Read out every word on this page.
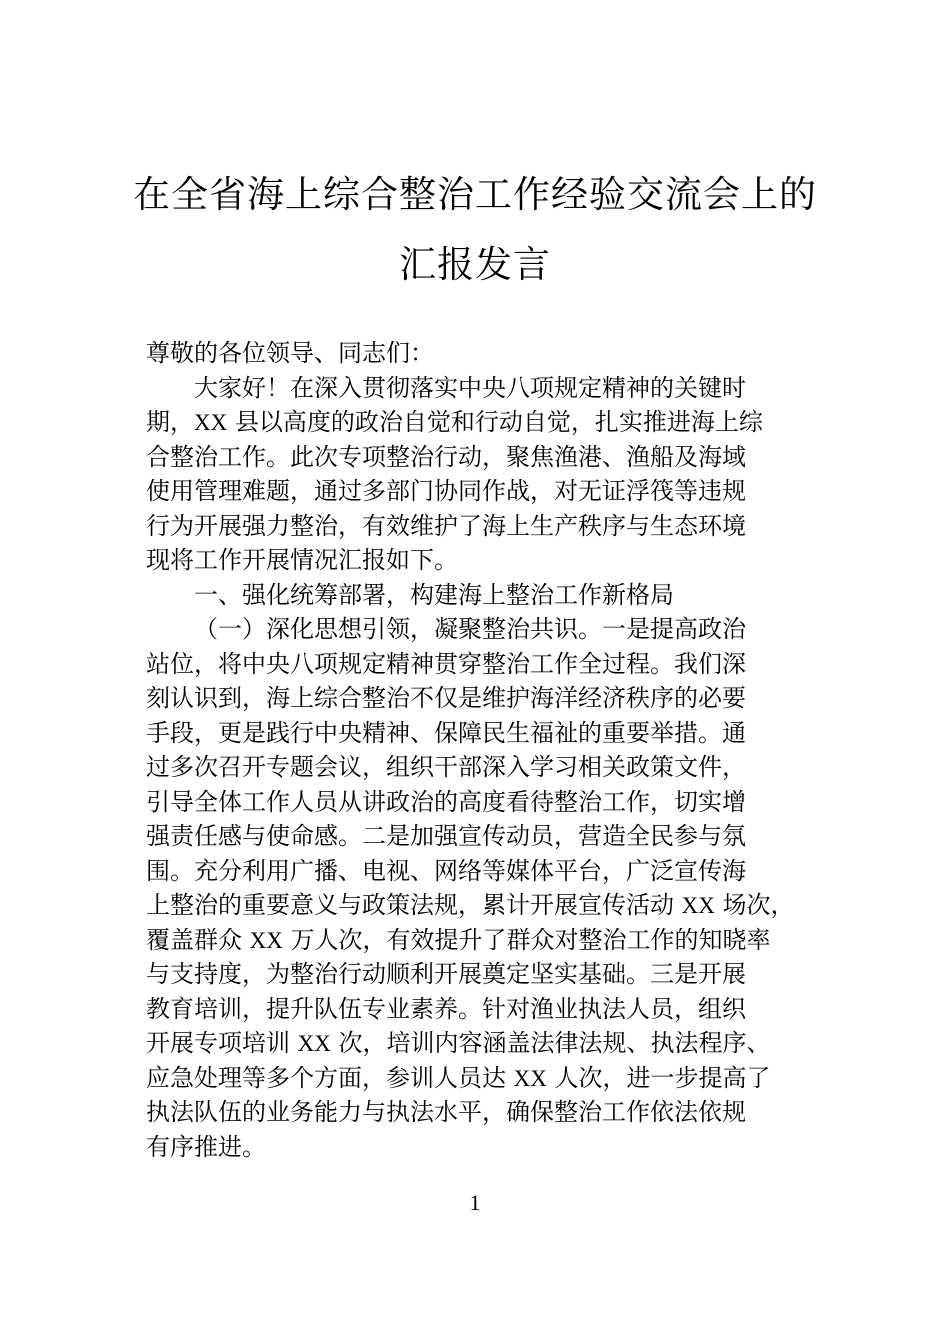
在全省海上综合整治工作经验交流会上的
汇报发言
尊敬的各位领导、同志们：
大家好！在深入贯彻落实中央八项规定精神的关键时
期，XX 县以高度的政治自觉和行动自觉，扎实推进海上综
合整治工作。此次专项整治行动，聚焦渔港、渔船及海域
使用管理难题，通过多部门协同作战，对无证浮筏等违规
行为开展强力整治，有效维护了海上生产秩序与生态环境
现将工作开展情况汇报如下。
一、强化统筹部署，构建海上整治工作新格局
（一）深化思想引领，凝聚整治共识。一是提高政治
站位，将中央八项规定精神贯穿整治工作全过程。我们深
刻认识到，海上综合整治不仅是维护海洋经济秩序的必要
手段，更是践行中央精神、保障民生福祉的重要举措。通
过多次召开专题会议，组织干部深入学习相关政策文件，
引导全体工作人员从讲政治的高度看待整治工作，切实增
强责任感与使命感。二是加强宣传动员，营造全民参与氛
围。充分利用广播、电视、网络等媒体平台，广泛宣传海
上整治的重要意义与政策法规，累计开展宣传活动 XX 场次，
覆盖群众 XX 万人次，有效提升了群众对整治工作的知晓率
与支持度，为整治行动顺利开展奠定坚实基础。三是开展
教育培训，提升队伍专业素养。针对渔业执法人员，组织
开展专项培训 XX 次，培训内容涵盖法律法规、执法程序、
应急处理等多个方面，参训人员达 XX 人次，进一步提高了
执法队伍的业务能力与执法水平，确保整治工作依法依规
有序推进。
1
